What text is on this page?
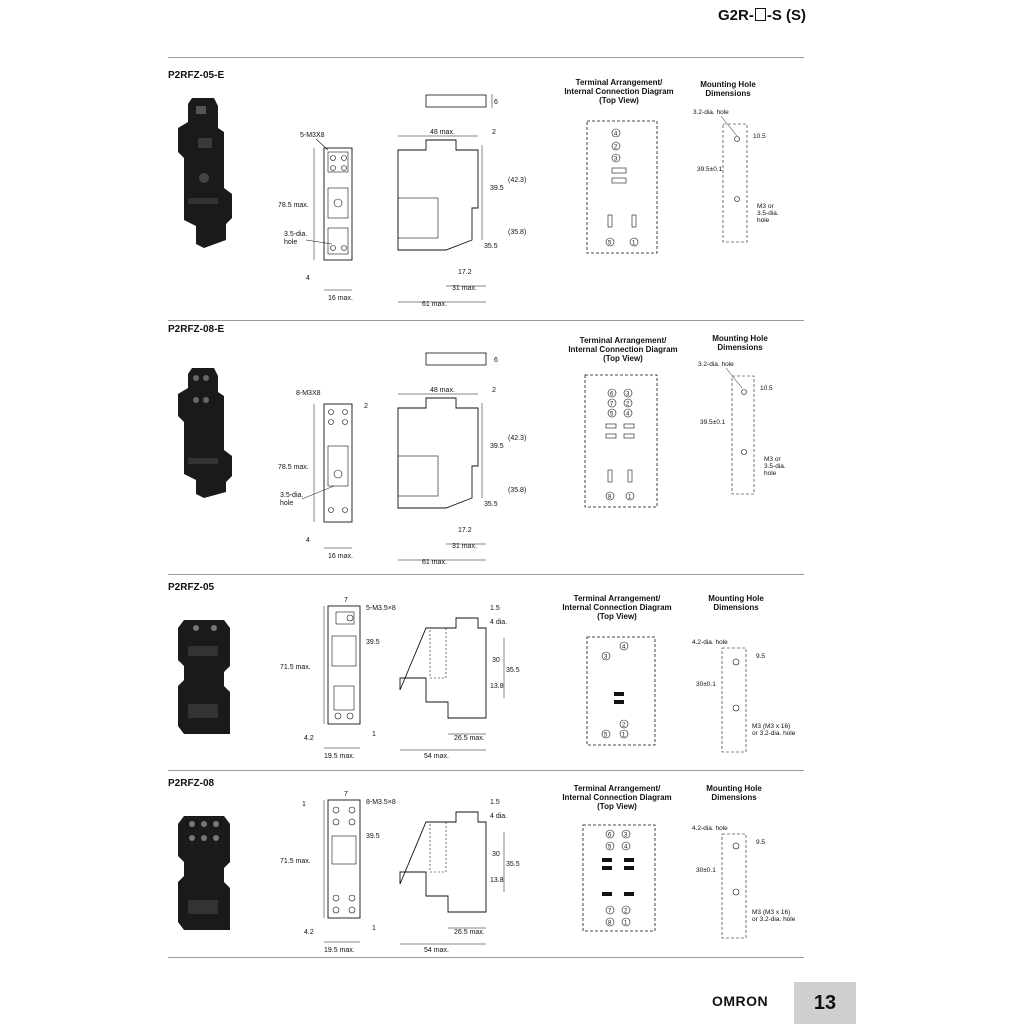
G2R- -S (S)
P2RFZ-05-E
5-M3X8
78.5 max.
3.5-dia.
hole
4
16 max.
6
48 max.	2
39.5
(42.3)
35.5
(35.8)
17.2
31 max.
61 max.
Terminal Arrangement/
Internal Connection Diagram
(Top View)
4
2
3
5	1
Mounting Hole
Dimensions
3.2-dia. hole
10.5
39.5±0.1
M3 or
3.5-dia.
hole
P2RFZ-08-E
8-M3X8
2
78.5 max.
3.5-dia.
hole
4
16 max.
6
48 max.	2
39.5
(42.3)
35.5
(35.8)
17.2
31 max.
61 max.
Terminal Arrangement/
Internal Connection Diagram
(Top View)
6 3
7 2
5 4
8	1
Mounting Hole
Dimensions
3.2-dia. hole
10.5
39.5±0.1
M3 or
3.5-dia.
hole
P2RFZ-05
7
5-M3.5×8
71.5 max.
39.5
4.2
1
19.5 max.
1.5
4 dia.
30
35.5
13.8
26.5 max.
54 max.
Terminal Arrangement/
Internal Connection Diagram
(Top View)
4
3
2
5 1
Mounting Hole
Dimensions
4.2-dia. hole
9.5
30±0.1
M3 (M3 x 16)
or 3.2-dia. hole
P2RFZ-08
7
1	8-M3.5×8
71.5 max.
39.5
4.2
1
19.5 max.
1.5
4 dia.
30
35.5
13.8
26.5 max.
54 max.
Terminal Arrangement/
Internal Connection Diagram
(Top View)
6 3
5 4
7 2
8 1
Mounting Hole
Dimensions
4.2-dia. hole
9.5
30±0.1
M3 (M3 x 16)
or 3.2-dia. hole
OMRON	13
